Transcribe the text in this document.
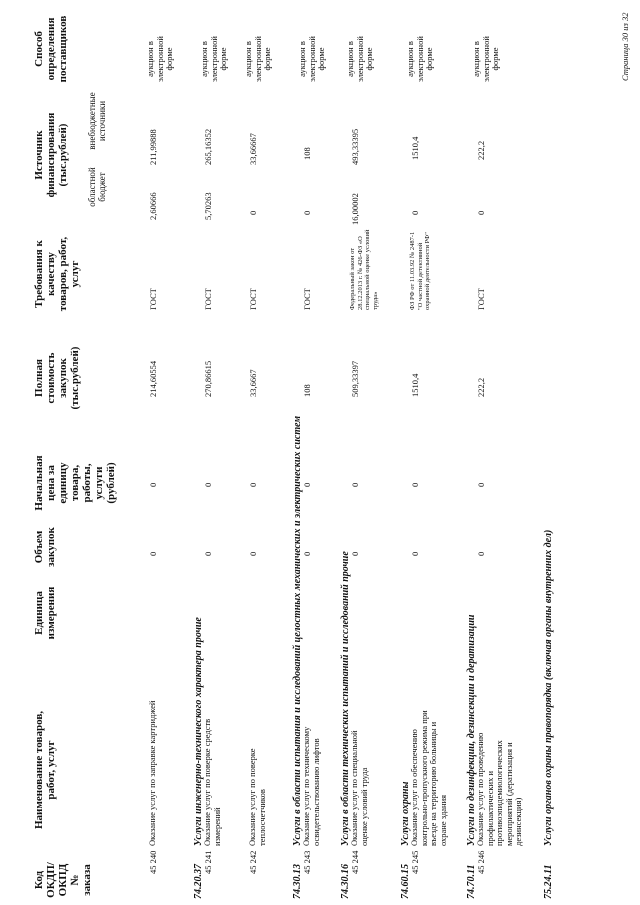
Код ОКДП/ ОКПД № заказа
Наименование товаров, работ, услуг
Единица измерения
Объем закупок
Начальная цена за единицу товара, работы, услуги (рублей)
Полная стоимость закупок (тыс.рублей)
Требования к качеству товаров, работ, услуг
Источник финансирования (тыс.рублей)
областной бюджет
внебюджетные источники
Способ определения поставщиков
45 240
Оказание услуг по заправке картриджей
0
0
214,60554
ГОСТ
2,60666
211,99888
аукцион в электронной форме
74.20.37
Услуги инженерно-технического характера прочие
45 241
Оказание услуг по поверке средств измерений
0
0
270,86615
ГОСТ
5,70263
265,16352
аукцион в электронной форме
45 242
Оказание услуг по поверке теплосчетчиков
0
0
33,6667
ГОСТ
0
33,66667
аукцион в электронной форме
74.30.13
Услуги в области испытания и исследований целостных механических и электрических систем
45 243
Оказание услуг по техническому освидетельствованию лифтов
0
0
108
ГОСТ
0
108
аукцион в электронной форме
74.30.16
Услуги в области технических испытаний и исследований прочие
45 244
Оказание услуг по специальной оценке условий труда
0
0
509,33397
Федеральный закон от 28.12.2013 г. № 426-ФЗ «О специальной оценке условий труда»
16,00002
493,33395
аукцион в электронной форме
74.60.15
Услуги охраны
45 245
Оказание услуг по обеспечению контрольно-пропускного режима при въезде на территорию больницы и охране здания
0
0
1510,4
ФЗ РФ от 11.03.92 № 2487-1 "О частной детективной охранной деятельности РФ"
0
1510,4
аукцион в электронной форме
74.70.11
Услуги по дезинфекции, дезинсекции и дератизации
45 246
Оказание услуг по проведению профилактических и противоэпидемиологических мероприятий (дератизация и дезинсекция)
0
0
222,2
ГОСТ
0
222,2
аукцион в электронной форме
75.24.11
Услуги органов охраны правопорядка (включая органы внутренних дел)
Страница 30 из 32
